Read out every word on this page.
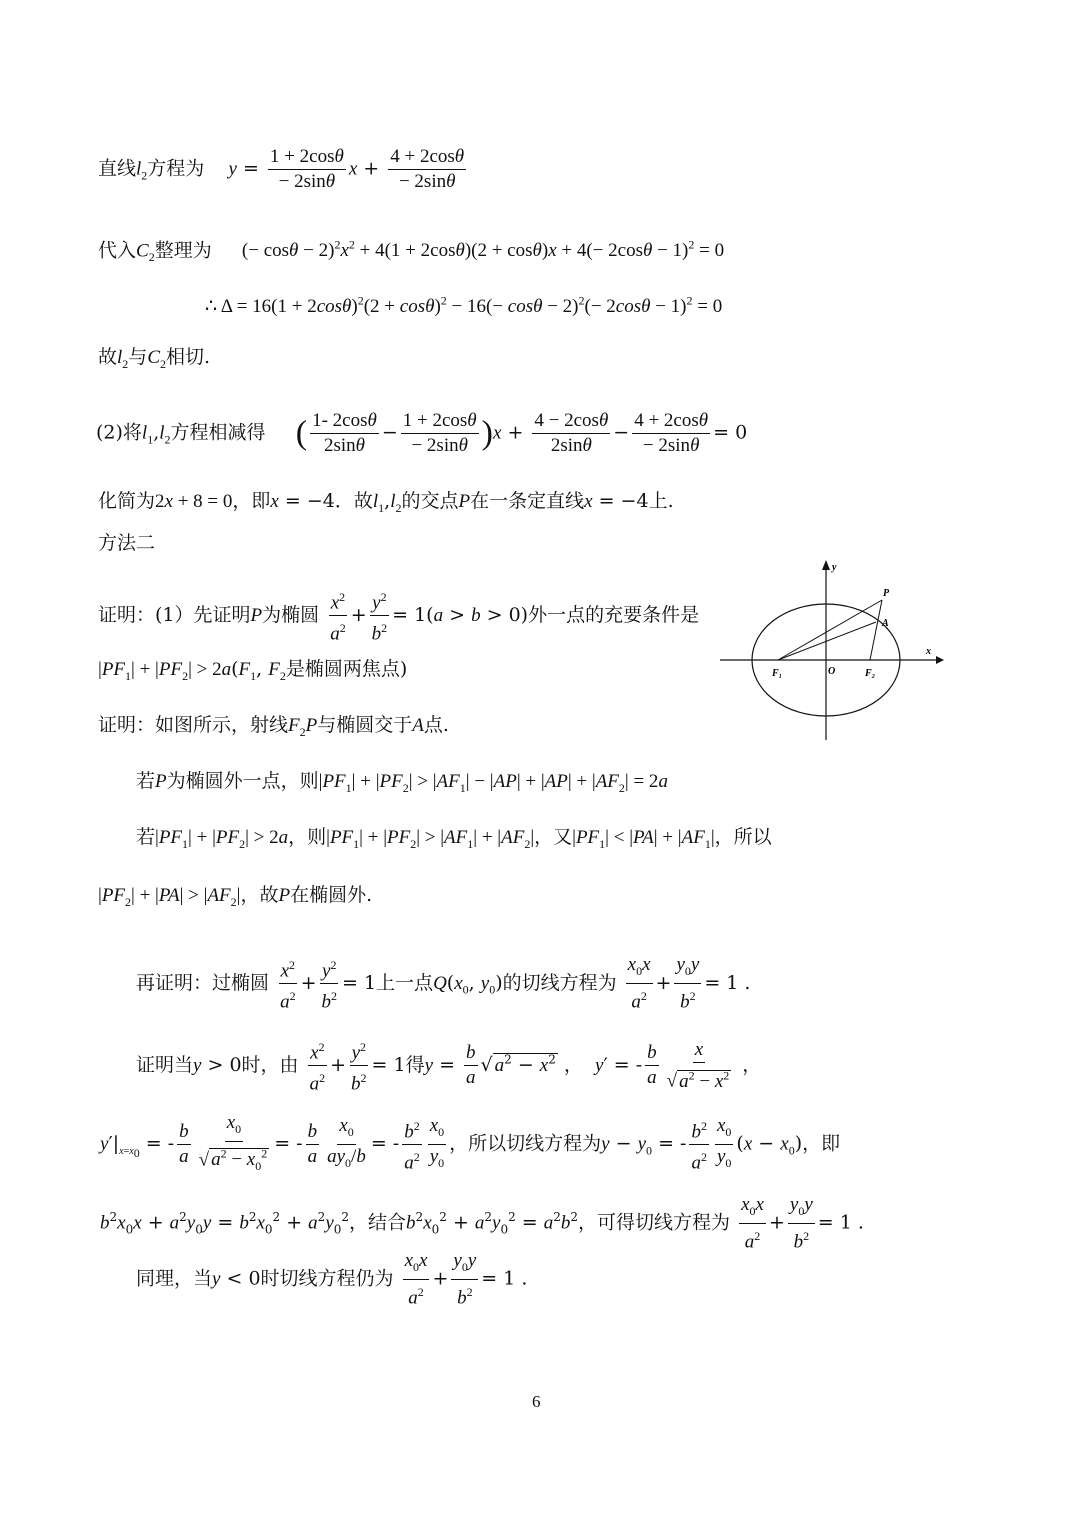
直线$l_2$方程为 $y = \frac{1 + 2\cos\theta}{- 2\sin\theta}$ $x + \frac{4 + 2\cos\theta}{- 2\sin\theta}$
代入$C_2$整理为 (− $\cos\theta - 2)^2x^2 + 4(1 + 2\cos\theta)(2 + \cos\theta)x + 4(- 2\cos\theta - 1)^2 = 0$
∴ $\Delta = 16(1 + 2\cos\theta)^2(2 + \cos\theta)^2 - 16(- \cos\theta - 2)^2(- 2\cos\theta - 1)^2 = 0$
故$l_2$与$C_2$相切.
(2)将$l_1,l_2$方程相减得 ( $\frac{1- 2\cos\theta}{2\sin\theta} - \frac{1 + 2\cos\theta}{- 2\sin\theta} )x + \frac{4 - 2\cos\theta}{2\sin\theta} - \frac{4 + 2\cos\theta}{- 2\sin\theta} = 0$
化简为2x + 8 = 0，即x = −4．故$l_1,l_2$的交点P在一条定直线x = −4上.
方法二
证明：(1）先证明P为椭圆 $\frac{x^2}{a^2} + \frac{y^2}{b^2} = 1(a > b > 0)$外一点的充要条件是
$|PF_1| + |PF_2| > 2a(F_1$, $F_2$是椭圆两焦点)
证明：如图所示，射线$F_2P$与椭圆交于A点.
若P为椭圆外一点，则$|PF_1| + |PF_2| > |AF_1| - |AP| + |AP| + |AF_2| = 2a$
若$|PF_1| + |PF_2| > 2a$，则$|PF_1| + |PF_2| > |AF_1| + |AF_2|$，又$|PF_1| < |PA| + |AF_1|$，所以
$|PF_2| + |PA| > |AF_2|$，故P在椭圆外.
再证明：过椭圆 $\frac{x^2}{a^2} + \frac{y^2}{b^2} = 1$上一点$Q(x_0$, $y_0$)的切线方程为 $\frac{x_0x}{a^2} + \frac{y_0y}{b^2} = 1$ .
证明当y > 0时，由 $\frac{x^2}{a^2} + \frac{y^2}{b^2} = 1$得$y = \frac{b}{a}$ √ $a^2 - x^2$ ，  y′ = - $\frac{b}{a} \frac{x}{√ a^2 - x^2}$ ，
$y'|_{x=x_0}$ = - $\frac{b}{a} \frac{x_0}{√ a^2 - x_0^2}$ = - $\frac{b}{a} \frac{x_0}{ay_0/b}$ = - $\frac{b^2}{a^2} \frac{x_0}{y_0}$ ，所以切线方程为$y - y_0$ = - $\frac{b^2}{a^2} \frac{x_0}{y_0} (x - x_0)$，即
$b^2x_0x + a^2y_0y = b^2x_0^2 + a^2y_0^2$，结合$b^2x_0^2 + a^2y_0^2 = a^2b^2$，可得切线方程为 $\frac{x_0x}{a^2} + \frac{y_0y}{b^2} = 1$ .
同理，当y < 0时切线方程仍为 $\frac{x_0x}{a^2} + \frac{y_0y}{b^2} = 1$ .
y
x
P
A
F₁	O	F₂
6
